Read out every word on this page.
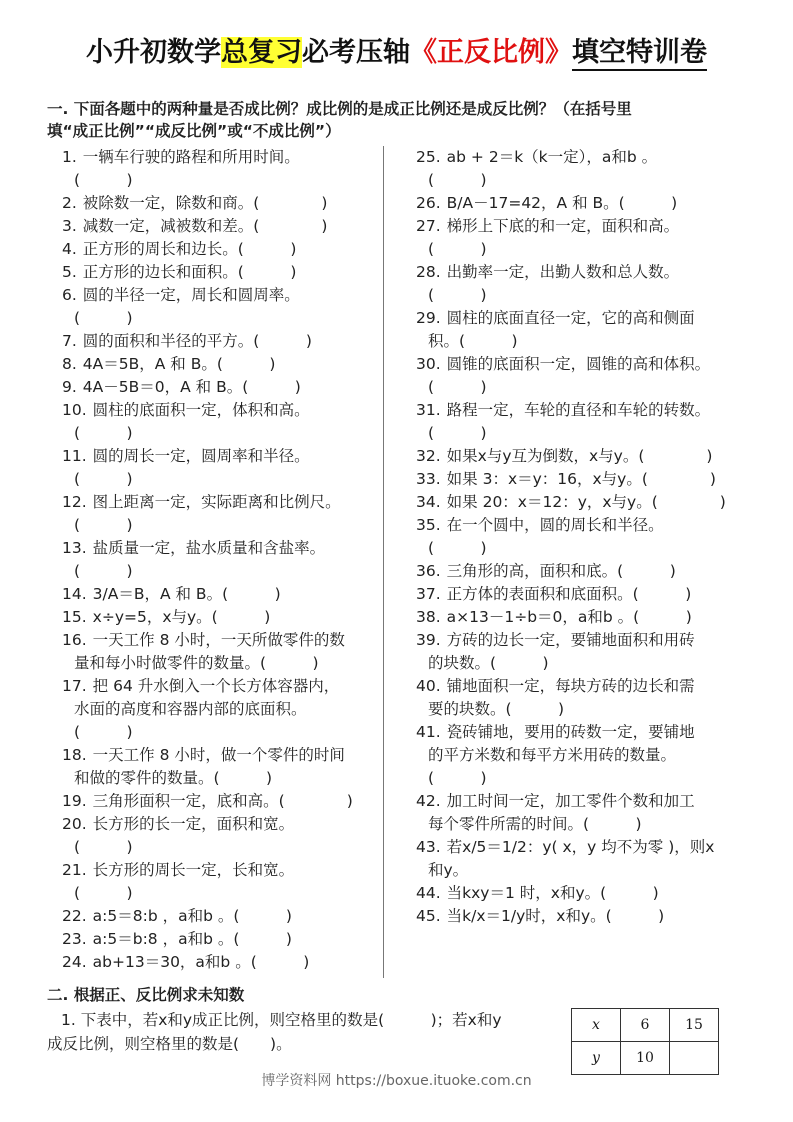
小升初数学总复习必考压轴《正反比例》填空特训卷
一. 下面各题中的两种量是否成比例？成比例的是成正比例还是成反比例？（在括号里
填“成正比例”“成反比例”或“不成比例”）
1. 一辆车行驶的路程和所用时间。
(　　　)
2. 被除数一定，除数和商。(　　　　)
3. 减数一定，减被数和差。(　　　　)
4. 正方形的周长和边长。(　　　)
5. 正方形的边长和面积。(　　　)
6. 圆的半径一定，周长和圆周率。
(　　　)
7. 圆的面积和半径的平方。(　　　)
8. 4A＝5B，A 和 B。(　　　)
9. 4A－5B＝0，A 和 B。(　　　)
10. 圆柱的底面积一定，体积和高。
(　　　)
11. 圆的周长一定，圆周率和半径。
(　　　)
12. 图上距离一定，实际距离和比例尺。
(　　　)
13. 盐质量一定，盐水质量和含盐率。
(　　　)
14. 3/A＝B，A 和 B。(　　　)
15. x÷y=5，x与y。(　　　)
16. 一天工作 8 小时，一天所做零件的数
量和每小时做零件的数量。(　　　)
17. 把 64 升水倒入一个长方体容器内，
水面的高度和容器内部的底面积。
(　　　)
18. 一天工作 8 小时，做一个零件的时间
和做的零件的数量。(　　　)
19. 三角形面积一定，底和高。(　　　　)
20. 长方形的长一定，面积和宽。
(　　　)
21. 长方形的周长一定，长和宽。
(　　　)
22. a:5＝8:b ，a和b 。(　　　)
23. a:5＝b:8 ，a和b 。(　　　)
24. ab+13＝30，a和b 。(　　　)
25. ab + 2＝k（k一定），a和b 。
(　　　)
26. B/A－17=42，A 和 B。(　　　)
27. 梯形上下底的和一定，面积和高。
(　　　)
28. 出勤率一定，出勤人数和总人数。
(　　　)
29. 圆柱的底面直径一定，它的高和侧面
积。(　　　)
30. 圆锥的底面积一定，圆锥的高和体积。
(　　　)
31. 路程一定，车轮的直径和车轮的转数。
(　　　)
32. 如果x与y互为倒数，x与y。(　　　　)
33. 如果 3：x＝y：16，x与y。(　　　　)
34. 如果 20：x＝12：y，x与y。(　　　　)
35. 在一个圆中，圆的周长和半径。
(　　　)
36. 三角形的高，面积和底。(　　　)
37. 正方体的表面积和底面积。(　　　)
38. a×13－1÷b＝0，a和b 。(　　　)
39. 方砖的边长一定，要铺地面积和用砖
的块数。(　　　)
40. 铺地面积一定，每块方砖的边长和需
要的块数。(　　　)
41. 瓷砖铺地，要用的砖数一定，要铺地
的平方米数和每平方米用砖的数量。
(　　　)
42. 加工时间一定，加工零件个数和加工
每个零件所需的时间。(　　　)
43. 若x/5＝1/2：y( x，y 均不为零 )，则x
和y。
44. 当kxy＝1 时，x和y。(　　　)
45. 当k/x＝1/y时，x和y。(　　　)
二. 根据正、反比例求未知数
1. 下表中，若x和y成正比例，则空格里的数是(　　　)；若x和y
成反比例，则空格里的数是(　　)。
x	6	15
y	10	
博学资料网 https://boxue.ituoke.com.cn
